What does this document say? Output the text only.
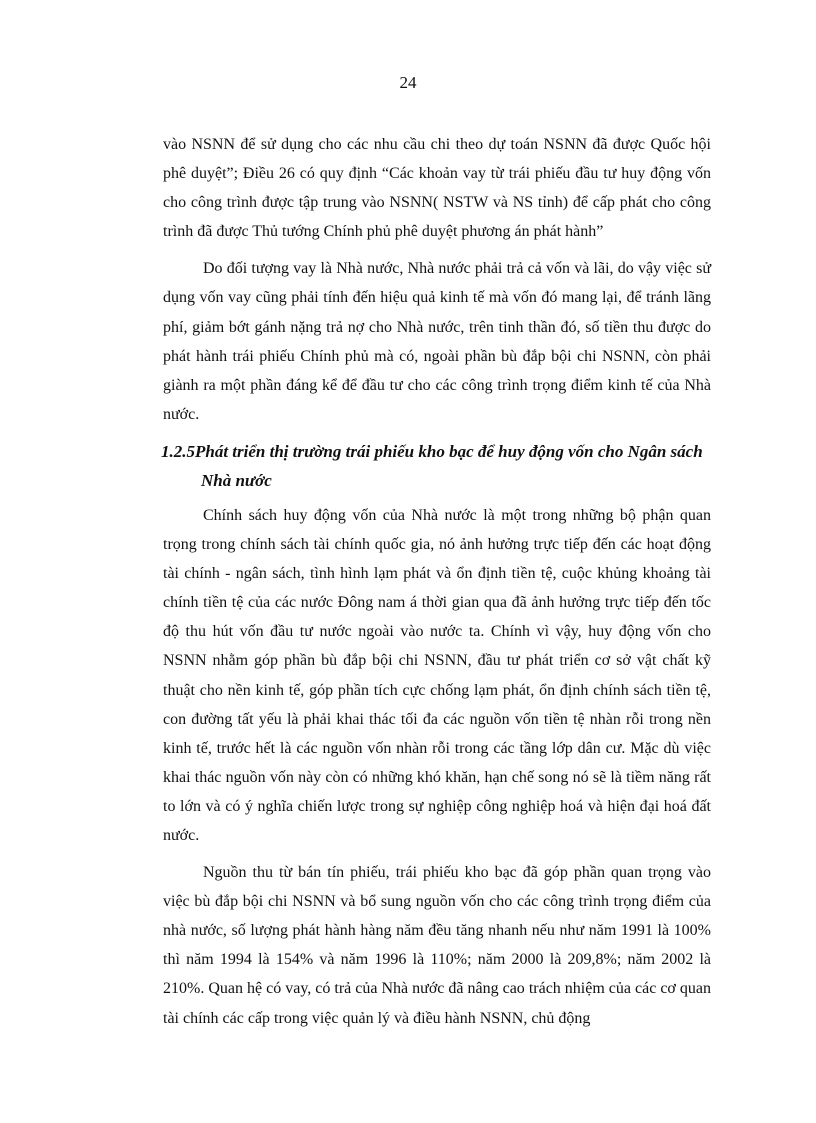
24

vào NSNN để sử dụng cho các nhu cầu chi theo dự toán NSNN đã được Quốc hội phê duyệt”; Điều 26 có quy định “Các khoản vay từ trái phiếu đầu tư huy động vốn cho công trình được tập trung vào NSNN( NSTW và NS tỉnh) để cấp phát cho công trình đã được Thủ tướng Chính phủ phê duyệt phương án phát hành”

Do đối tượng vay là Nhà nước, Nhà nước phải trả cả vốn và lãi, do vậy việc sử dụng vốn vay cũng phải tính đến hiệu quả kinh tế mà vốn đó mang lại, để tránh lãng phí, giảm bớt gánh nặng trả nợ cho Nhà nước, trên tinh thần đó, số tiền thu được do phát hành trái phiếu Chính phủ mà có, ngoài phần bù đắp bội chi NSNN, còn phải giành ra một phần đáng kể để đầu tư cho các công trình trọng điểm kinh tế của Nhà nước.

1.2.5Phát triển thị trường trái phiếu kho bạc để huy động vốn cho Ngân sách Nhà nước

Chính sách huy động vốn của Nhà nước là một trong những bộ phận quan trọng trong chính sách tài chính quốc gia, nó ảnh hưởng trực tiếp đến các hoạt động tài chính - ngân sách, tình hình lạm phát và ổn định tiền tệ, cuộc khủng khoảng tài chính tiền tệ của các nước Đông nam á thời gian qua đã ảnh hưởng trực tiếp đến tốc độ thu hút vốn đầu tư nước ngoài vào nước ta. Chính vì vậy, huy động vốn cho NSNN nhằm góp phần bù đắp bội chi NSNN, đầu tư phát triển cơ sở vật chất kỹ thuật cho nền kinh tế, góp phần tích cực chống lạm phát, ổn định chính sách tiền tệ, con đường tất yếu là phải khai thác tối đa các nguồn vốn tiền tệ nhàn rỗi trong nền kinh tế, trước hết là các nguồn vốn nhàn rỗi trong các tầng lớp dân cư. Mặc dù việc khai thác nguồn vốn này còn có những khó khăn, hạn chế song nó sẽ là tiềm năng rất to lớn và có ý nghĩa chiến lược trong sự nghiệp công nghiệp hoá và hiện đại hoá đất nước.

Nguồn thu từ bán tín phiếu, trái phiếu kho bạc đã góp phần quan trọng vào việc bù đắp bội chi NSNN và bổ sung nguồn vốn cho các công trình trọng điểm của nhà nước, số lượng phát hành hàng năm đều tăng nhanh nếu như năm 1991 là 100% thì năm 1994 là 154% và năm 1996 là 110%; năm 2000 là 209,8%; năm 2002 là 210%. Quan hệ có vay, có trả của Nhà nước đã nâng cao trách nhiệm của các cơ quan tài chính các cấp trong việc quản lý và điều hành NSNN, chủ động
